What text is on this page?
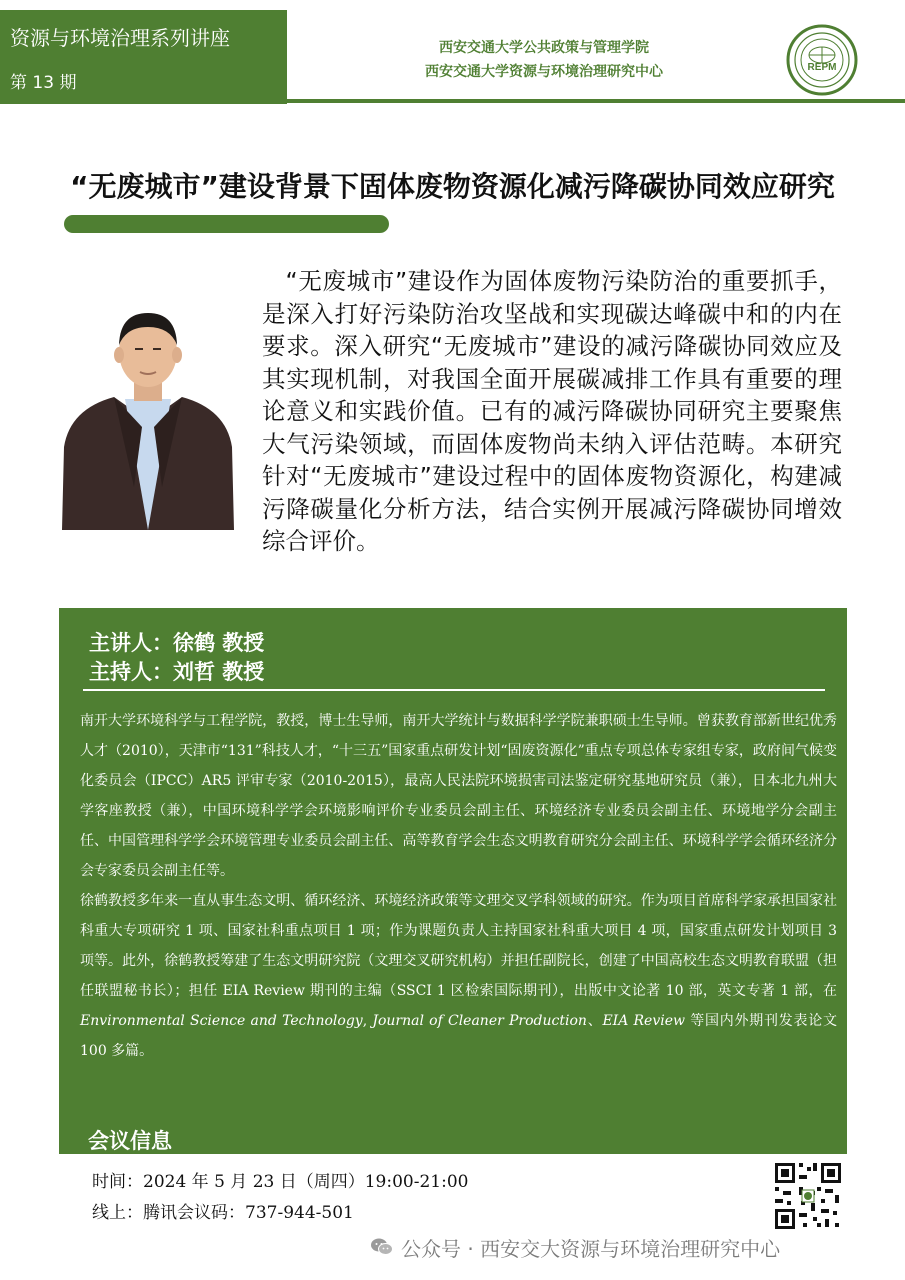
资源与环境治理系列讲座
第 13 期
西安交通大学公共政策与管理学院
西安交通大学资源与环境治理研究中心	REPM
“无废城市”建设背景下固体废物资源化减污降碳协同效应研究
“无废城市”建设作为固体废物污染防治的重要抓手，是深入打好污染防治攻坚战和实现碳达峰碳中和的内在要求。深入研究“无废城市”建设的减污降碳协同效应及其实现机制，对我国全面开展碳减排工作具有重要的理论意义和实践价值。已有的减污降碳协同研究主要聚焦大气污染领域，而固体废物尚未纳入评估范畴。本研究针对“无废城市”建设过程中的固体废物资源化，构建减污降碳量化分析方法，结合实例开展减污降碳协同增效综合评价。
主讲人：徐鹤 教授
主持人：刘哲 教授

南开大学环境科学与工程学院，教授，博士生导师，南开大学统计与数据科学学院兼职硕士生导师。曾获教育部新世纪优秀人才（2010），天津市“131”科技人才，“十三五”国家重点研发计划“固废资源化”重点专项总体专家组专家，政府间气候变化委员会（IPCC）AR5 评审专家（2010-2015），最高人民法院环境损害司法鉴定研究基地研究员（兼），日本北九州大学客座教授（兼），中国环境科学学会环境影响评价专业委员会副主任、环境经济专业委员会副主任、环境地学分会副主任、中国管理科学学会环境管理专业委员会副主任、高等教育学会生态文明教育研究分会副主任、环境科学学会循环经济分会专家委员会副主任等。

徐鹤教授多年来一直从事生态文明、循环经济、环境经济政策等文理交叉学科领域的研究。作为项目首席科学家承担国家社科重大专项研究 1 项、国家社科重点项目 1 项；作为课题负责人主持国家社科重大项目 4 项，国家重点研发计划项目 3 项等。此外，徐鹤教授筹建了生态文明研究院（文理交叉研究机构）并担任副院长，创建了中国高校生态文明教育联盟（担任联盟秘书长）；担任 EIA Review 期刊的主编（SSCI 1 区检索国际期刊），出版中文论著 10 部，英文专著 1 部，在 Environmental Science and Technology, Journal of Cleaner Production、EIA Review 等国内外期刊发表论文 100 多篇。

会议信息
时间：2024 年 5 月 23 日（周四）19:00-21:00
线上：腾讯会议码：737-944-501
公众号 · 西安交大资源与环境治理研究中心
